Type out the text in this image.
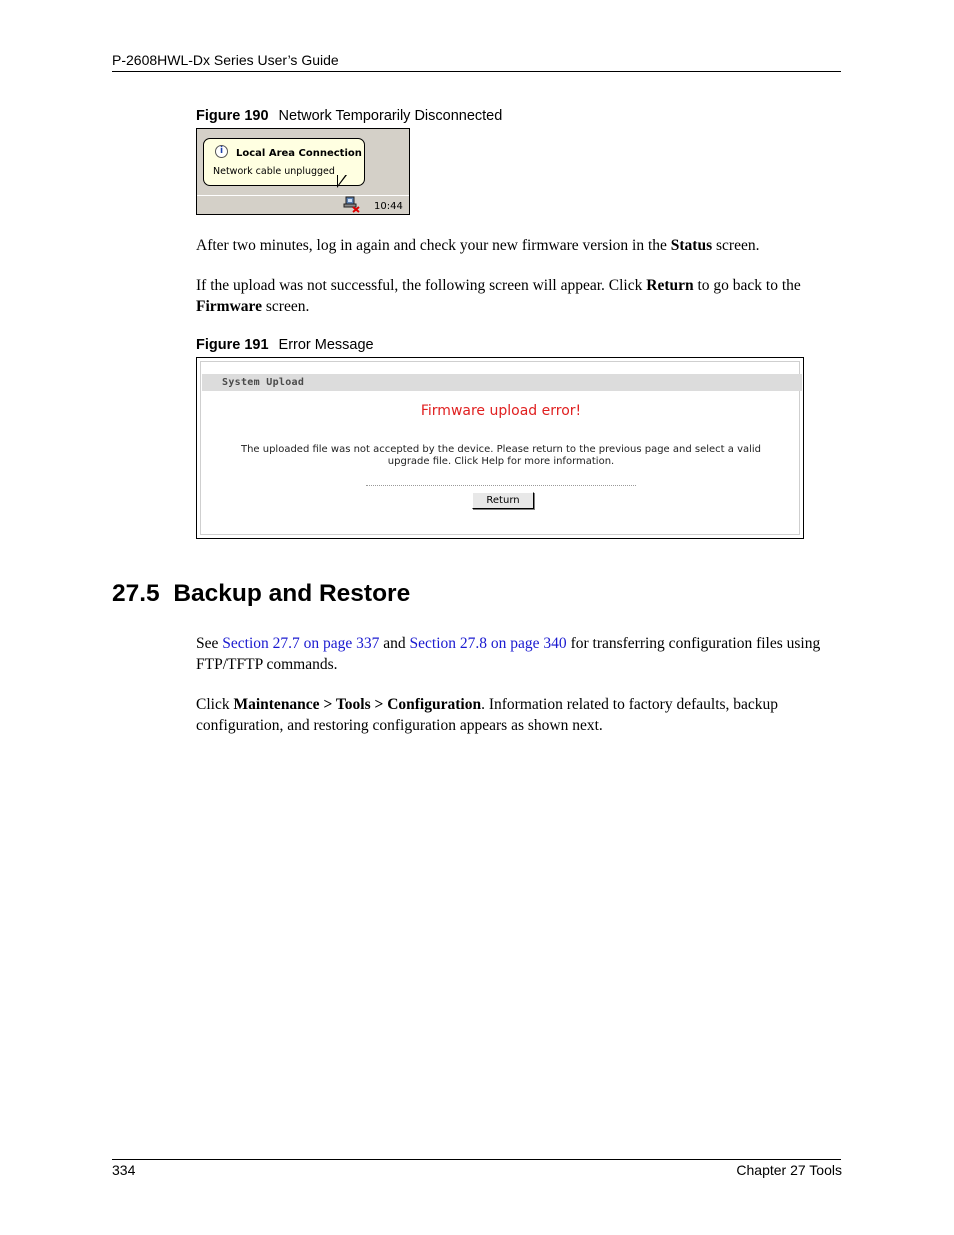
P-2608HWL-Dx Series User’s Guide
Figure 190 Network Temporarily Disconnected
i	Local Area Connection
Network cable unplugged
10:44
After two minutes, log in again and check your new firmware version in the Status screen.
If the upload was not successful, the following screen will appear. Click Return to go back to the Firmware screen.
Figure 191 Error Message
System Upload
Firmware upload error!
The uploaded file was not accepted by the device. Please return to the previous page and select a valid
upgrade file. Click Help for more information.
Return
27.5 Backup and Restore
See Section 27.7 on page 337 and Section 27.8 on page 340 for transferring configuration files using FTP/TFTP commands.
Click Maintenance > Tools > Configuration. Information related to factory defaults, backup configuration, and restoring configuration appears as shown next.
334	Chapter 27 Tools
